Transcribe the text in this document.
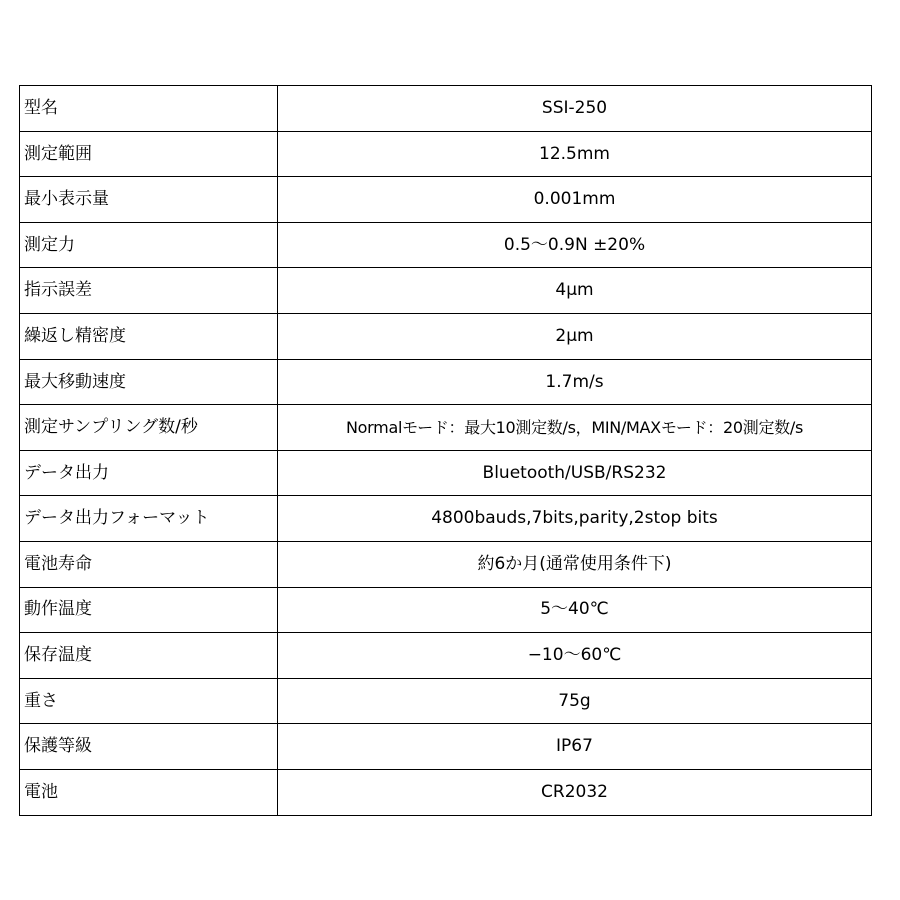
型名	SSI-250
測定範囲	12.5mm
最小表示量	0.001mm
測定力	0.5～0.9N ±20%
指示誤差	4μm
繰返し精密度	2μm
最大移動速度	1.7m/s
測定サンプリング数/秒	Normalモード：最大10測定数/s，MIN/MAXモード：20測定数/s
データ出力	Bluetooth/USB/RS232
データ出力フォーマット	4800bauds,7bits,parity,2stop bits
電池寿命	約6か月(通常使用条件下)
動作温度	5～40℃
保存温度	−10～60℃
重さ	75g
保護等級	IP67
電池	CR2032
